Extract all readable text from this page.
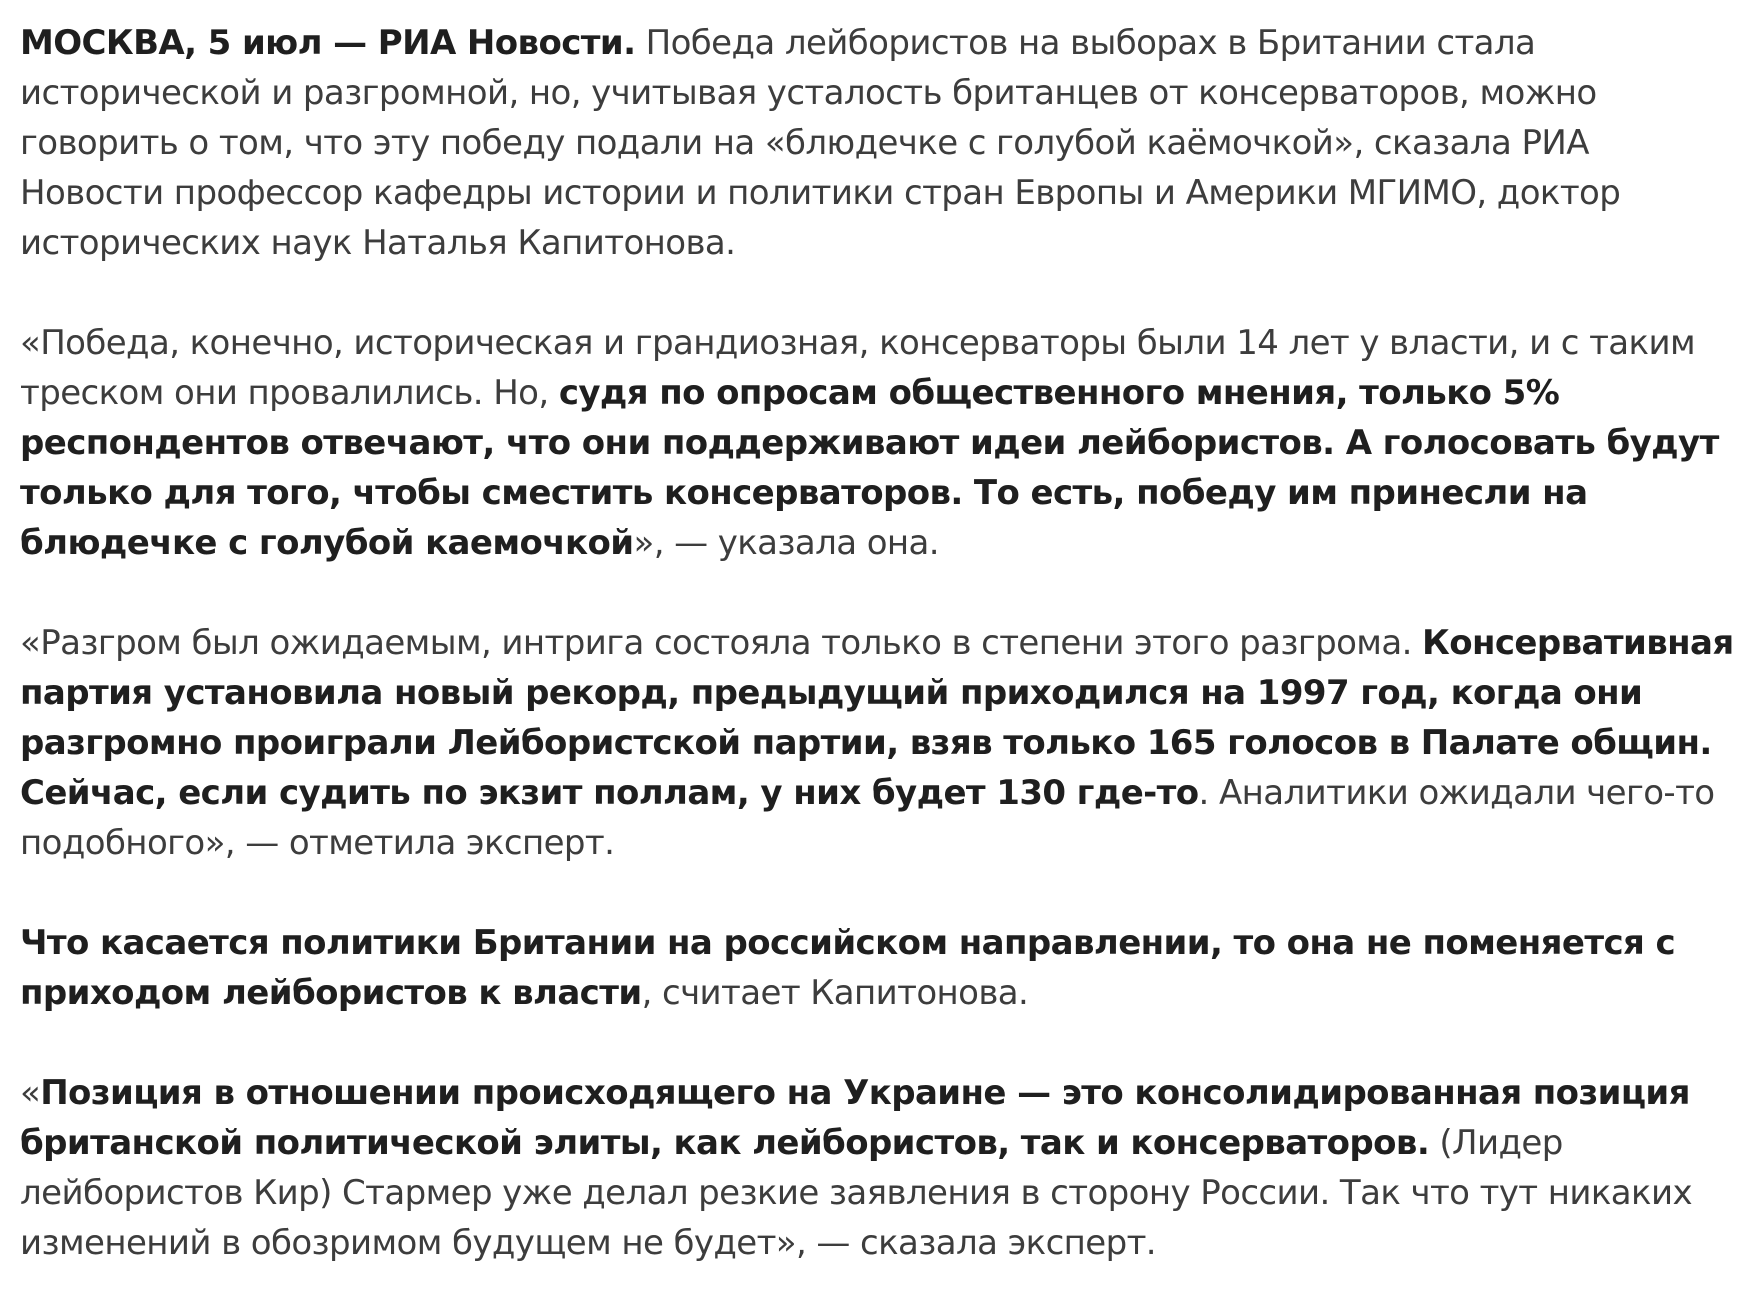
МОСКВА, 5 июл — РИА Новости. Победа лейбористов на выборах в Британии стала исторической и разгромной, но, учитывая усталость британцев от консерваторов, можно говорить о том, что эту победу подали на «блюдечке с голубой каёмочкой», сказала РИА Новости профессор кафедры истории и политики стран Европы и Америки МГИМО, доктор исторических наук Наталья Капитонова.

«Победа, конечно, историческая и грандиозная, консерваторы были 14 лет у власти, и с таким треском они провалились. Но, судя по опросам общественного мнения, только 5% респондентов отвечают, что они поддерживают идеи лейбористов. А голосовать будут только для того, чтобы сместить консерваторов. То есть, победу им принесли на блюдечке с голубой каемочкой», — указала она.

«Разгром был ожидаемым, интрига состояла только в степени этого разгрома. Консервативная партия установила новый рекорд, предыдущий приходился на 1997 год, когда они разгромно проиграли Лейбористской партии, взяв только 165 голосов в Палате общин. Сейчас, если судить по экзит поллам, у них будет 130 где-то. Аналитики ожидали чего-то подобного», — отметила эксперт.

Что касается политики Британии на российском направлении, то она не поменяется с приходом лейбористов к власти, считает Капитонова.

«Позиция в отношении происходящего на Украине — это консолидированная позиция британской политической элиты, как лейбористов, так и консерваторов. (Лидер лейбористов Кир) Стармер уже делал резкие заявления в сторону России. Так что тут никаких изменений в обозримом будущем не будет», — сказала эксперт.
